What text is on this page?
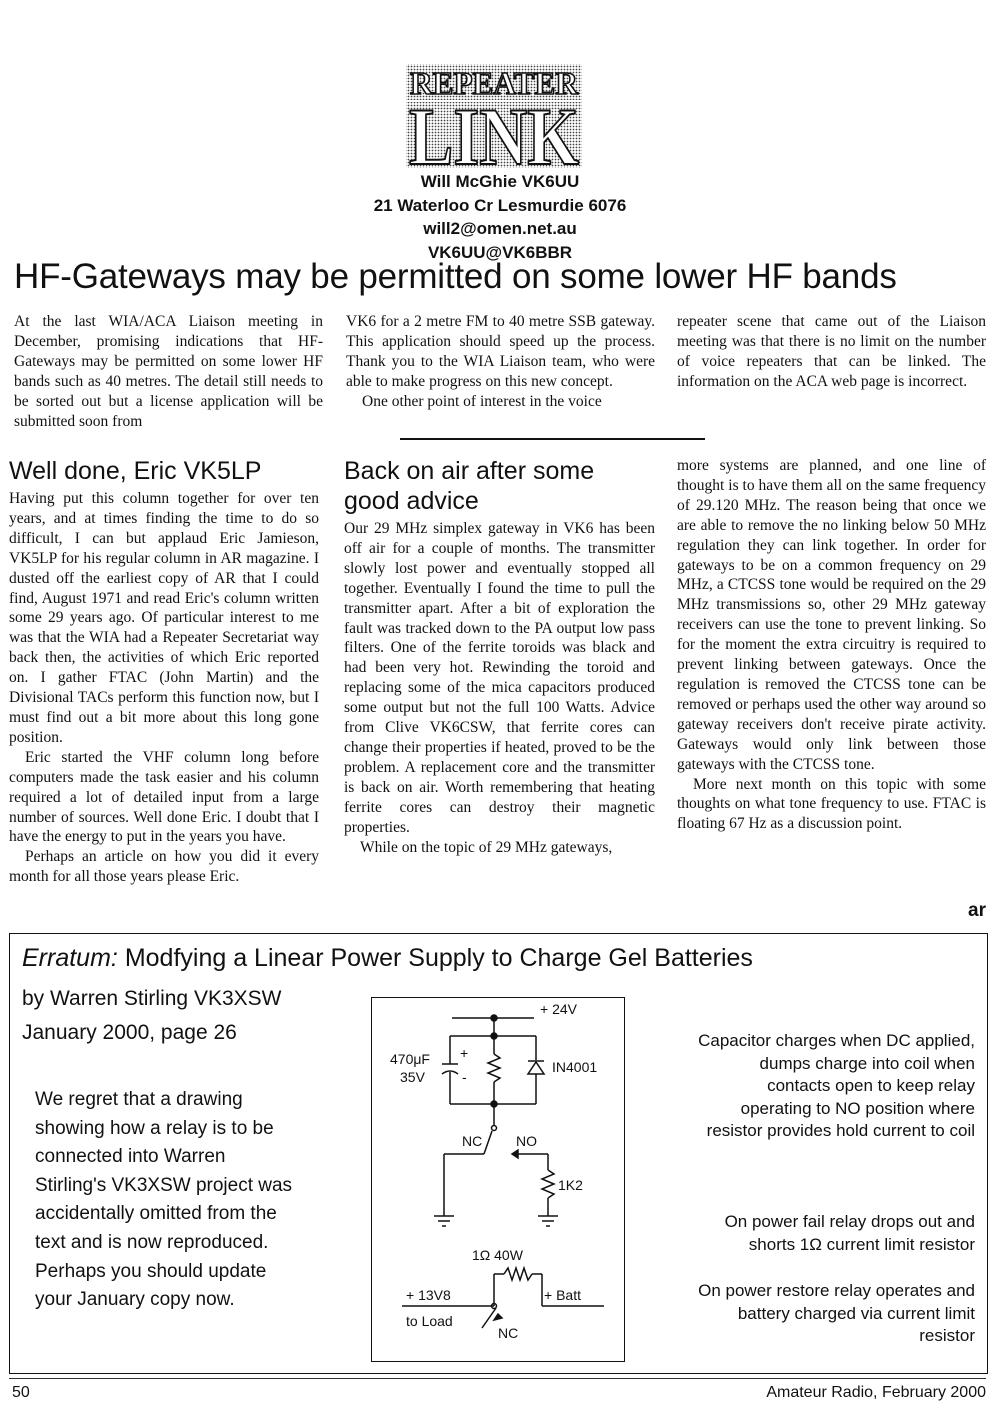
REPEATER
LINK
Will McGhie VK6UU
21 Waterloo Cr Lesmurdie 6076
will2@omen.net.au
VK6UU@VK6BBR
HF-Gateways may be permitted on some lower HF bands

At the last WIA/ACA Liaison meeting in December, promising indications that HF-Gateways may be permitted on some lower HF bands such as 40 metres. The detail still needs to be sorted out but a license application will be submitted soon from

VK6 for a 2 metre FM to 40 metre SSB gateway. This application should speed up the process. Thank you to the WIA Liaison team, who were able to make progress on this new concept.

One other point of interest in the voice

repeater scene that came out of the Liaison meeting was that there is no limit on the number of voice repeaters that can be linked. The information on the ACA web page is incorrect.

Well done, Eric VK5LP

Having put this column together for over ten years, and at times finding the time to do so difficult, I can but applaud Eric Jamieson, VK5LP for his regular column in AR magazine. I dusted off the earliest copy of AR that I could find, August 1971 and read Eric's column written some 29 years ago. Of particular interest to me was that the WIA had a Repeater Secretariat way back then, the activities of which Eric reported on. I gather FTAC (John Martin) and the Divisional TACs perform this function now, but I must find out a bit more about this long gone position.

Eric started the VHF column long before computers made the task easier and his column required a lot of detailed input from a large number of sources. Well done Eric. I doubt that I have the energy to put in the years you have.

Perhaps an article on how you did it every month for all those years please Eric.

Back on air after some good advice

Our 29 MHz simplex gateway in VK6 has been off air for a couple of months. The transmitter slowly lost power and eventually stopped all together. Eventually I found the time to pull the transmitter apart. After a bit of exploration the fault was tracked down to the PA output low pass filters. One of the ferrite toroids was black and had been very hot. Rewinding the toroid and replacing some of the mica capacitors produced some output but not the full 100 Watts. Advice from Clive VK6CSW, that ferrite cores can change their properties if heated, proved to be the problem. A replacement core and the transmitter is back on air. Worth remembering that heating ferrite cores can destroy their magnetic properties.

While on the topic of 29 MHz gateways,

more systems are planned, and one line of thought is to have them all on the same frequency of 29.120 MHz. The reason being that once we are able to remove the no linking below 50 MHz regulation they can link together. In order for gateways to be on a common frequency on 29 MHz, a CTCSS tone would be required on the 29 MHz transmissions so, other 29 MHz gateway receivers can use the tone to prevent linking. So for the moment the extra circuitry is required to prevent linking between gateways. Once the regulation is removed the CTCSS tone can be removed or perhaps used the other way around so gateway receivers don't receive pirate activity. Gateways would only link between those gateways with the CTCSS tone.

More next month on this topic with some thoughts on what tone frequency to use. FTAC is floating 67 Hz as a discussion point.

ar
Erratum: Modfying a Linear Power Supply to Charge Gel Batteries
by Warren Stirling VK3XSW
January 2000, page 26
We regret that a drawing
showing how a relay is to be
connected into Warren
Stirling's VK3XSW project was
accidentally omitted from the
text and is now reproduced.
Perhaps you should update
your January copy now.
+ 24V
470μF
35V
+
-
IN4001
NC NO
1K2
1Ω 40W
+ 13V8
to Load
+ Batt
NC
Capacitor charges when DC applied,
dumps charge into coil when
contacts open to keep relay
operating to NO position where
resistor provides hold current to coil
On power fail relay drops out and
shorts 1Ω current limit resistor
On power restore relay operates and
battery charged via current limit
resistor
50	Amateur Radio, February 2000
